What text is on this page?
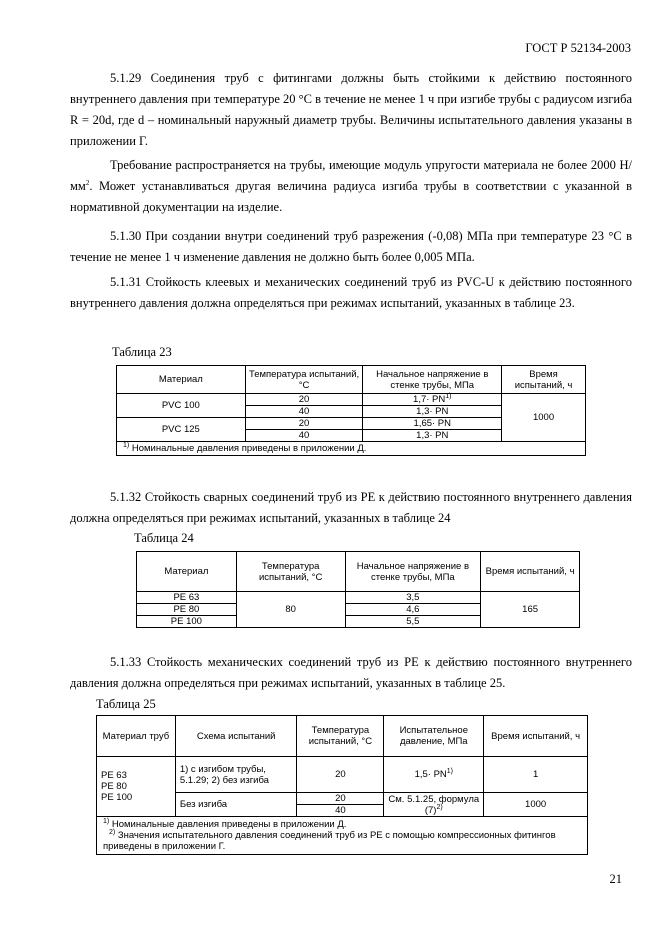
ГОСТ Р 52134-2003

5.1.29 Соединения труб с фитингами должны быть стойкими к действию постоянного внутреннего давления при температуре 20 °С в течение не менее 1 ч при изгибе трубы с радиусом изгиба R = 20d, где d – номинальный наружный диаметр трубы. Величины испытательного давления указаны в приложении Г.

Требование распространяется на трубы, имеющие модуль упругости материала не более 2000 $Н/мм^2$. Может устанавливаться другая величина радиуса изгиба трубы в соответствии с указанной в нормативной документации на изделие.

5.1.30 При создании внутри соединений труб разрежения (-0,08) МПа при температуре 23 °С в течение не менее 1 ч изменение давления не должно быть более 0,005 МПа.

5.1.31 Стойкость клеевых и механических соединений труб из PVC-U к действию постоянного внутреннего давления должна определяться при режимах испытаний, указанных в таблице 23.

Таблица 23

Материал	Температура испытаний, °С	Начальное напряжение в стенке трубы, МПа	Время испытаний, ч
PVC 100	20	$1,7\cdot PN^{1)}$	1000
	40	1,3· PN	
PVC 125	20	1,65· PN	
	40	1,3· PN	
$^{1)}$ Номинальные давления приведены в приложении Д.			

5.1.32 Стойкость сварных соединений труб из РЕ к действию постоянного внутреннего давления должна определяться при режимах испытаний, указанных в таблице 24

Таблица 24

Материал	Температура испытаний, °С	Начальное напряжение в стенке трубы, МПа	Время испытаний, ч
РЕ 63	80	3,5	165
РЕ 80		4,6	
РЕ 100		5,5	

5.1.33 Стойкость механических соединений труб из РЕ к действию постоянного внутреннего давления должна определяться при режимах испытаний, указанных в таблице 25.

Таблица 25

Материал труб	Схема испытаний	Температура испытаний, °С	Испытательное давление, МПа	Время испытаний, ч
РЕ 63
РЕ 80
РЕ 100	1) с изгибом трубы, 5.1.29; 2) без изгиба	20	$1,5\cdot PN^{1)}$	1
	Без изгиба	20	См. 5.1.25, формула $(7)^{2)}$	1000
		40		

$^{1)}$ Номинальные давления приведены в приложении Д.
$^{2)}$ Значения испытательного давления соединений труб из РЕ с помощью компрессионных фитингов приведены в приложении Г.				
21
